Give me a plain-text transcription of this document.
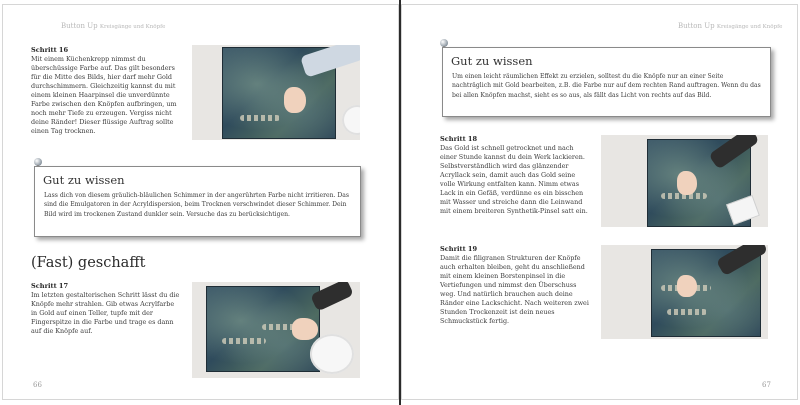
Button Up Kreisgänge und Knöpfe
Schritt 16
Mit einem Küchenkrepp nimmst du überschüssige Farbe auf. Das gilt besonders für die Mitte des Bilds, hier darf mehr Gold durchschimmern. Gleichzeitig kannst du mit einem kleinen Haarpinsel die unverdünnte Farbe zwischen den Knöpfen aufbringen, um noch mehr Tiefe zu erzeugen. Vergiss nicht deine Ränder! Dieser flüssige Auftrag sollte einen Tag trocknen.
Gut zu wissen
Lass dich von diesem gräulich-bläulichen Schimmer in der angerührten Farbe nicht irritieren. Das sind die Emulgatoren in der Acryldispersion, beim Trocknen verschwindet dieser Schimmer. Dein Bild wird im trockenen Zustand dunkler sein. Versuche das zu berücksichtigen.
(Fast) geschafft
Schritt 17
Im letzten gestalterischen Schritt lässt du die Knöpfe mehr strahlen. Gib etwas Acrylfarbe in Gold auf einen Teller, tupfe mit der Fingerspitze in die Farbe und trage es dann auf die Knöpfe auf.
66
Button Up Kreisgänge und Knöpfe
Gut zu wissen
Um einen leicht räumlichen Effekt zu erzielen, solltest du die Knöpfe nur an einer Seite nachträglich mit Gold bearbeiten, z.B. die Farbe nur auf dem rechten Rand auftragen. Wenn du das bei allen Knöpfen machst, sieht es so aus, als fällt das Licht von rechts auf das Bild.
Schritt 18
Das Gold ist schnell getrocknet und nach einer Stunde kannst du dein Werk lackieren. Selbstverständlich wird das glänzender Acryllack sein, damit auch das Gold seine volle Wirkung entfalten kann. Nimm etwas Lack in ein Gefäß, verdünne es ein bisschen mit Wasser und streiche dann die Leinwand mit einem breiteren Synthetik-Pinsel satt ein.
Schritt 19
Damit die filigranen Strukturen der Knöpfe auch erhalten bleiben, geht du anschließend mit einem kleinen Borstenpinsel in die Vertiefungen und nimmst den Überschuss weg. Und natürlich brauchen auch deine Ränder eine Lackschicht. Nach weiteren zwei Stunden Trockenzeit ist dein neues Schmuckstück fertig.
67
